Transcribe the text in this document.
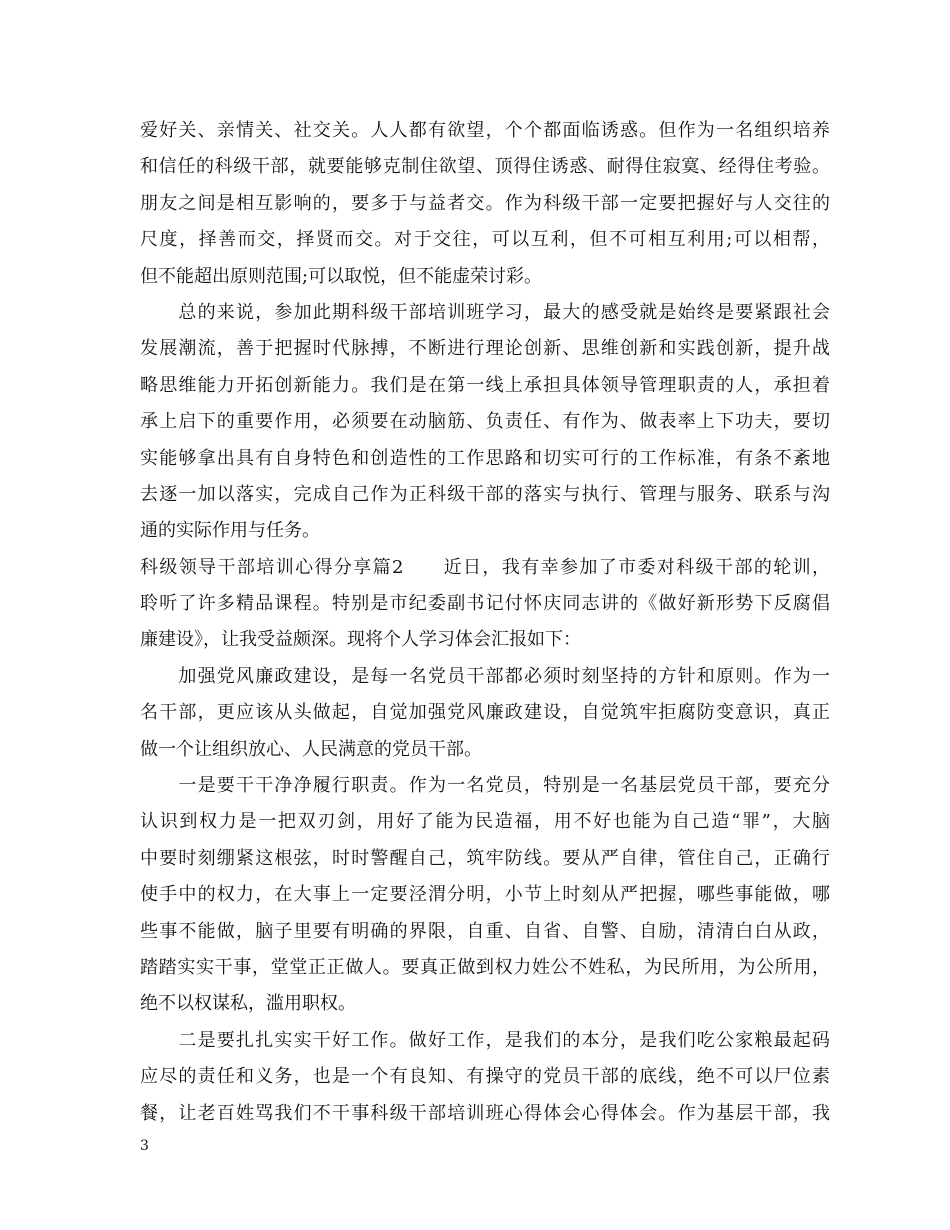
爱好关、亲情关、社交关。人人都有欲望，个个都面临诱惑。但作为一名组织培养
和信任的科级干部，就要能够克制住欲望、顶得住诱惑、耐得住寂寞、经得住考验。
朋友之间是相互影响的，要多于与益者交。作为科级干部一定要把握好与人交往的
尺度，择善而交，择贤而交。对于交往，可以互利，但不可相互利用;可以相帮，
但不能超出原则范围;可以取悦，但不能虚荣讨彩。
　　总的来说，参加此期科级干部培训班学习，最大的感受就是始终是要紧跟社会
发展潮流，善于把握时代脉搏，不断进行理论创新、思维创新和实践创新，提升战
略思维能力开拓创新能力。我们是在第一线上承担具体领导管理职责的人，承担着
承上启下的重要作用，必须要在动脑筋、负责任、有作为、做表率上下功夫，要切
实能够拿出具有自身特色和创造性的工作思路和切实可行的工作标准，有条不紊地
去逐一加以落实，完成自己作为正科级干部的落实与执行、管理与服务、联系与沟
通的实际作用与任务。
科级领导干部培训心得分享篇2　　近日，我有幸参加了市委对科级干部的轮训，
聆听了许多精品课程。特别是市纪委副书记付怀庆同志讲的《做好新形势下反腐倡
廉建设》，让我受益颇深。现将个人学习体会汇报如下：
　　加强党风廉政建设，是每一名党员干部都必须时刻坚持的方针和原则。作为一
名干部，更应该从头做起，自觉加强党风廉政建设，自觉筑牢拒腐防变意识，真正
做一个让组织放心、人民满意的党员干部。
　　一是要干干净净履行职责。作为一名党员，特别是一名基层党员干部，要充分
认识到权力是一把双刃剑，用好了能为民造福，用不好也能为自己造“罪”，大脑
中要时刻绷紧这根弦，时时警醒自己，筑牢防线。要从严自律，管住自己，正确行
使手中的权力，在大事上一定要泾渭分明，小节上时刻从严把握，哪些事能做，哪
些事不能做，脑子里要有明确的界限，自重、自省、自警、自励，清清白白从政，
踏踏实实干事，堂堂正正做人。要真正做到权力姓公不姓私，为民所用，为公所用，
绝不以权谋私，滥用职权。
　　二是要扎扎实实干好工作。做好工作，是我们的本分，是我们吃公家粮最起码
应尽的责任和义务，也是一个有良知、有操守的党员干部的底线，绝不可以尸位素
餐，让老百姓骂我们不干事科级干部培训班心得体会心得体会。作为基层干部，我
3
